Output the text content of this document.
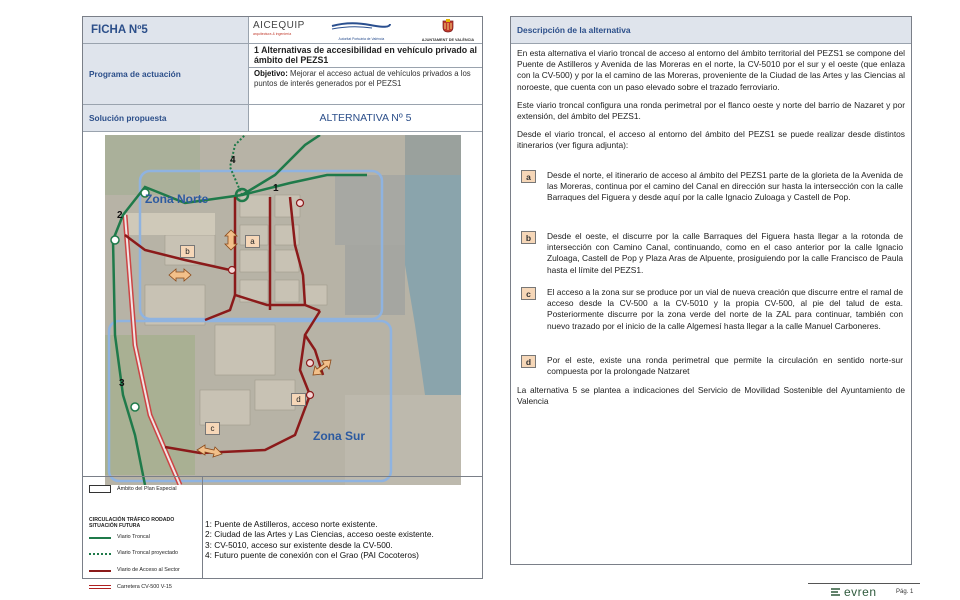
FICHA Nº5	AICEQUIP
arquitectura & ingeniería
Autoritat Portuària de València	AJUNTAMENT DE VALÈNCIA
Programa de actuación
1 Alternativas de accesibilidad en vehículo privado al ámbito del PEZS1
Objetivo: Mejorar el acceso actual de vehículos privados a los puntos de interés generados por el PEZS1
Solución propuesta	ALTERNATIVA Nº 5
Zona Norte
Zona Sur
1
2
3
4
a
b
c
d
Ámbito del Plan Especial
CIRCULACIÓN TRÁFICO RODADO SITUACIÓN FUTURA
Viario Troncal
Viario Troncal proyectado
Viario de Acceso al Sector
Carretera CV-500 V-15
1: Puente de Astilleros, acceso norte existente.
2: Ciudad de las Artes y Las Ciencias, acceso oeste existente.
3: CV-5010, acceso sur existente desde la CV-500.
4: Futuro puente de conexión con el Grao (PAI Cocoteros)
Descripción de la alternativa
En esta alternativa el viario troncal de acceso al entorno del ámbito territorial del PEZS1 se compone del Puente de Astilleros y Avenida de las Moreras en el norte, la CV-5010 por el sur y el oeste (que enlaza con la CV-500) y por la el camino de las Moreras, proveniente de la Ciudad de las Artes y las Ciencias al noroeste, que cuenta con un paso elevado sobre el trazado ferroviario.
Este viario troncal configura una ronda perimetral por el flanco oeste y norte del barrio de Nazaret y por extensión, del ámbito del PEZS1.
Desde el viario troncal, el acceso al entorno del ámbito del PEZS1 se puede realizar desde distintos itinerarios (ver figura adjunta):
a	Desde el norte, el itinerario de acceso al ámbito del PEZS1 parte de la glorieta de la Avenida de las Moreras, continua por el camino del Canal en dirección sur hasta la intersección con la calle Barraques del Figuera y desde aquí por la calle Ignacio Zuloaga y Castell de Pop.
b	Desde el oeste, el discurre por la calle Barraques del Figuera hasta llegar a la rotonda de intersección con Camino Canal, continuando, como en el caso anterior por la calle Ignacio Zuloaga, Castell de Pop y Plaza Aras de Alpuente, prosiguiendo por la calle Francisco de Paula hasta el límite del PEZS1.
c	El acceso a la zona sur se produce por un vial de nueva creación que discurre entre el ramal de acceso desde la CV-500 a la CV-5010 y la propia CV-500, al pie del talud de esta. Posteriormente discurre por la zona verde del norte de la ZAL para continuar, también con nuevo trazado por el inicio de la calle Algemesí hasta llegar a la calle Manuel Carboneres.
d	Por el este, existe una ronda perimetral que permite la circulación en sentido norte-sur compuesta por la prolongade Natzaret
La alternativa 5 se plantea a indicaciones del Servicio de Movilidad Sostenible del Ayuntamiento de Valencia
evren	Pág. 1
